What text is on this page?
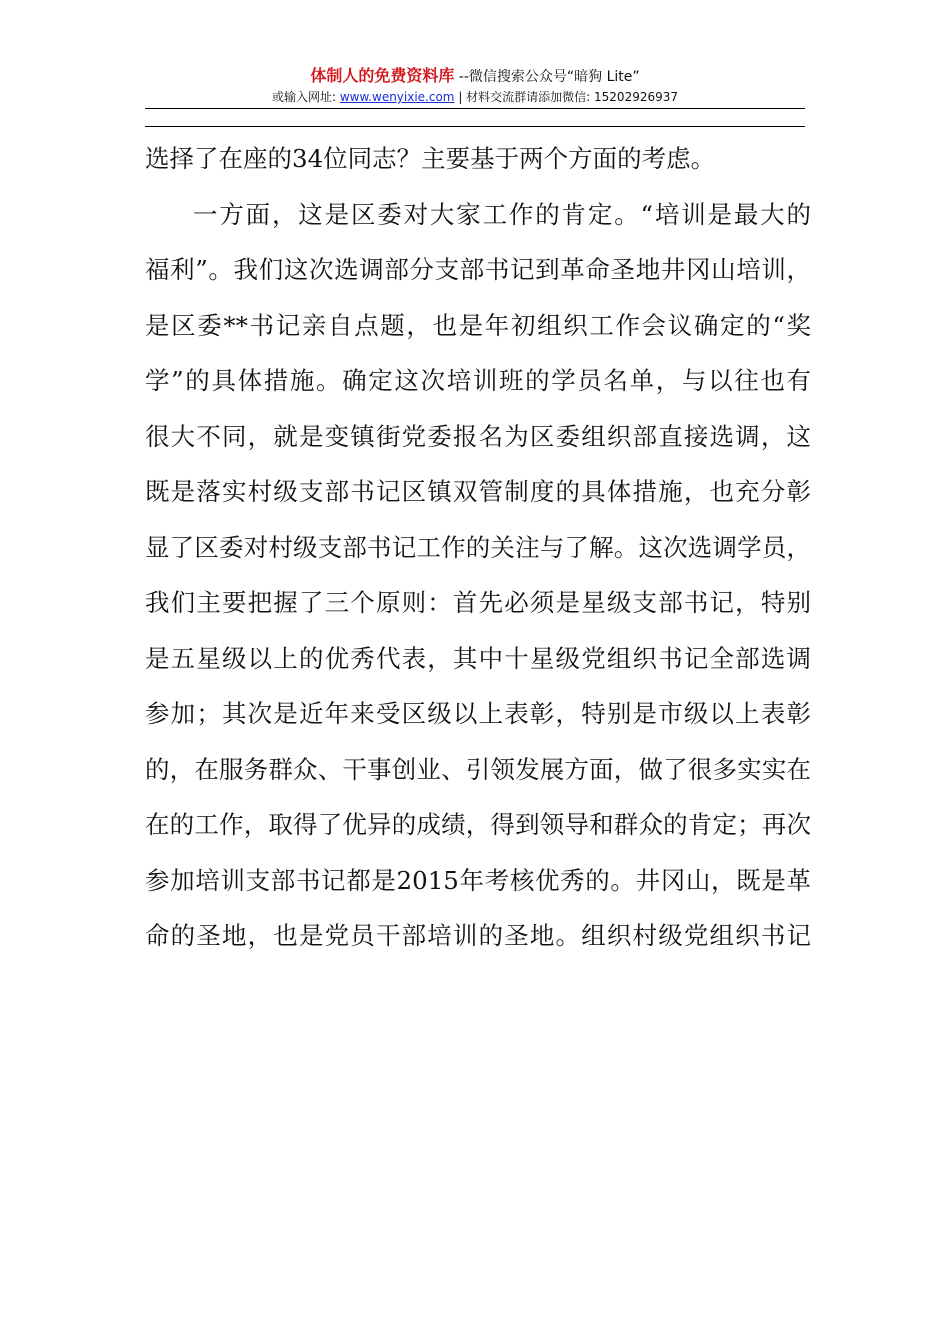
体制人的免费资料库 --微信搜索公众号“暗狗 Lite”
或输入网址: www.wenyixie.com | 材料交流群请添加微信: 15202926937
选择了在座的34位同志？主要基于两个方面的考虑。
一方面，这是区委对大家工作的肯定。“培训是最大的
福利”。我们这次选调部分支部书记到革命圣地井冈山培训，
是区委**书记亲自点题，也是年初组织工作会议确定的“奖
学”的具体措施。确定这次培训班的学员名单，与以往也有
很大不同，就是变镇街党委报名为区委组织部直接选调，这
既是落实村级支部书记区镇双管制度的具体措施，也充分彰
显了区委对村级支部书记工作的关注与了解。这次选调学员，
我们主要把握了三个原则：首先必须是星级支部书记，特别
是五星级以上的优秀代表，其中十星级党组织书记全部选调
参加；其次是近年来受区级以上表彰，特别是市级以上表彰
的，在服务群众、干事创业、引领发展方面，做了很多实实在
在的工作，取得了优异的成绩，得到领导和群众的肯定；再次
参加培训支部书记都是2015年考核优秀的。井冈山，既是革
命的圣地，也是党员干部培训的圣地。组织村级党组织书记
